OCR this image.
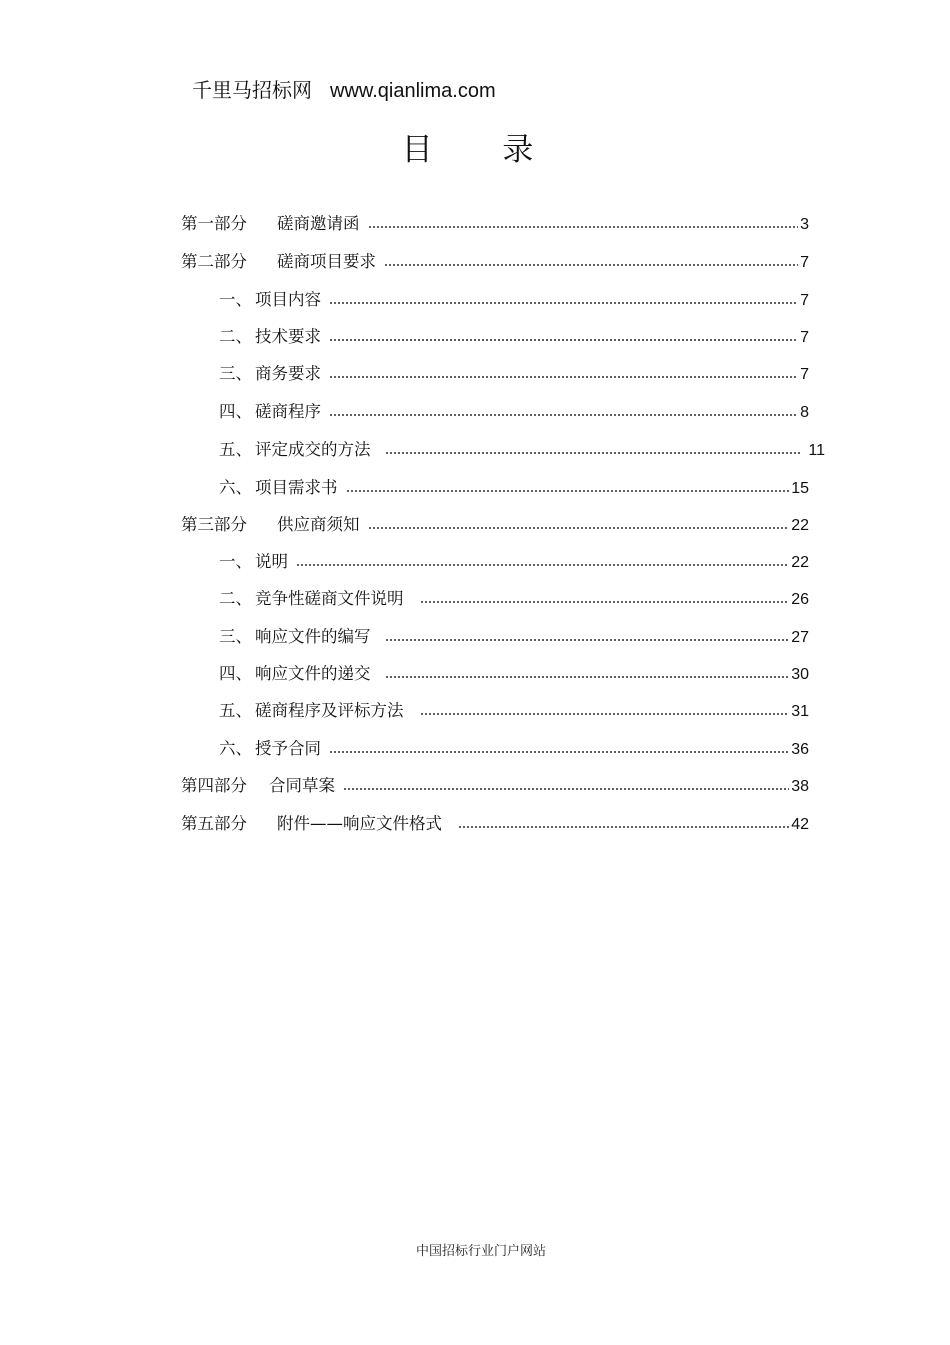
千里马招标网 www.qianlima.com
目 录
第一部分	磋商邀请函	3
第二部分	磋商项目要求	7
一、 项目内容	7
二、 技术要求	7
三、 商务要求	7
四、 磋商程序	8
五、 评定成交的方法	11
六、 项目需求书	15
第三部分	供应商须知	22
一、 说明	22
二、 竞争性磋商文件说明	26
三、 响应文件的编写	27
四、 响应文件的递交	30
五、 磋商程序及评标方法	31
六、 授予合同	36
第四部分	合同草案	38
第五部分	附件——响应文件格式	42
中国招标行业门户网站
